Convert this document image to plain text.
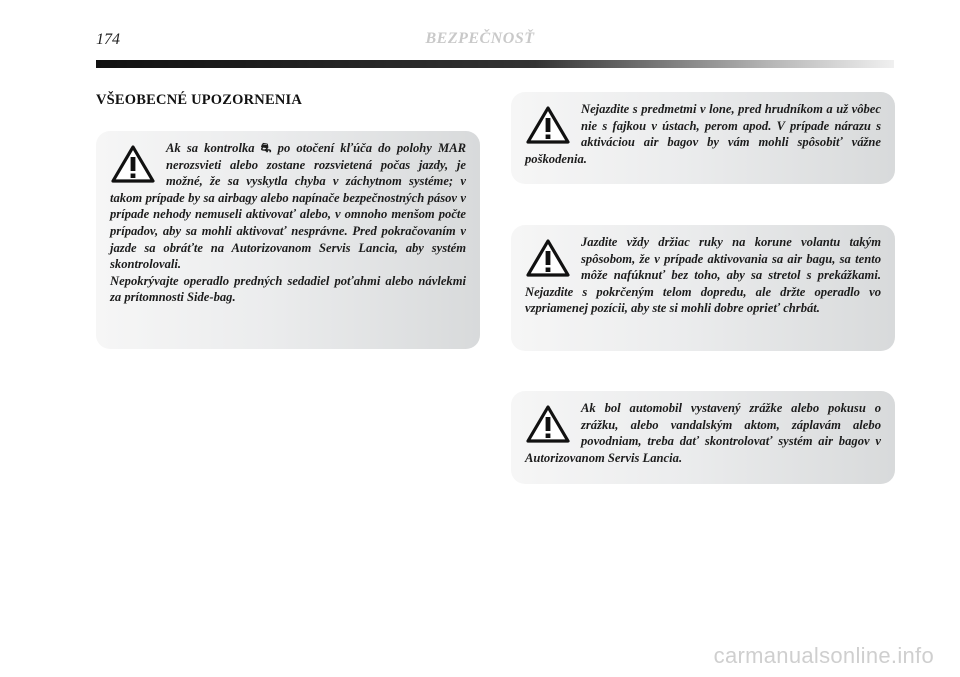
174	BEZPEČNOSŤ
VŠEOBECNÉ UPOZORNENIA
Ak sa kontrolka ⛐ po otočení kľúča do polohy MAR nerozsvieti alebo zostane rozsvietená počas jazdy, je možné, že sa vyskytla chyba v záchytnom systéme; v takom prípade by sa airbagy alebo napínače bezpečnostných pásov v prípade nehody nemuseli aktivovať alebo, v omnoho menšom počte prípadov, aby sa mohli aktivovať nesprávne. Pred pokračovaním v jazde sa obráťte na Autorizovanom Servis Lancia, aby systém skontrolovali.
Nepokrývajte operadlo predných sedadiel poťahmi alebo návlekmi za prítomnosti Side-bag.
Nejazdite s predmetmi v lone, pred hrudníkom a už vôbec nie s fajkou v ústach, perom apod. V prípade nárazu s aktiváciou air bagov by vám mohli spôsobiť vážne poškodenia.
Jazdite vždy držiac ruky na korune volantu takým spôsobom, že v prípade aktivovania sa air bagu, sa tento môže nafúknuť bez toho, aby sa stretol s prekážkami. Nejazdite s pokrčeným telom dopredu, ale držte operadlo vo vzpriamenej pozícii, aby ste si mohli dobre oprieť chrbát.
Ak bol automobil vystavený zrážke alebo pokusu o zrážku, alebo vandalským aktom, záplavám alebo povodniam, treba dať skontrolovať systém air bagov v Autorizovanom Servis Lancia.
carmanualsonline.info
